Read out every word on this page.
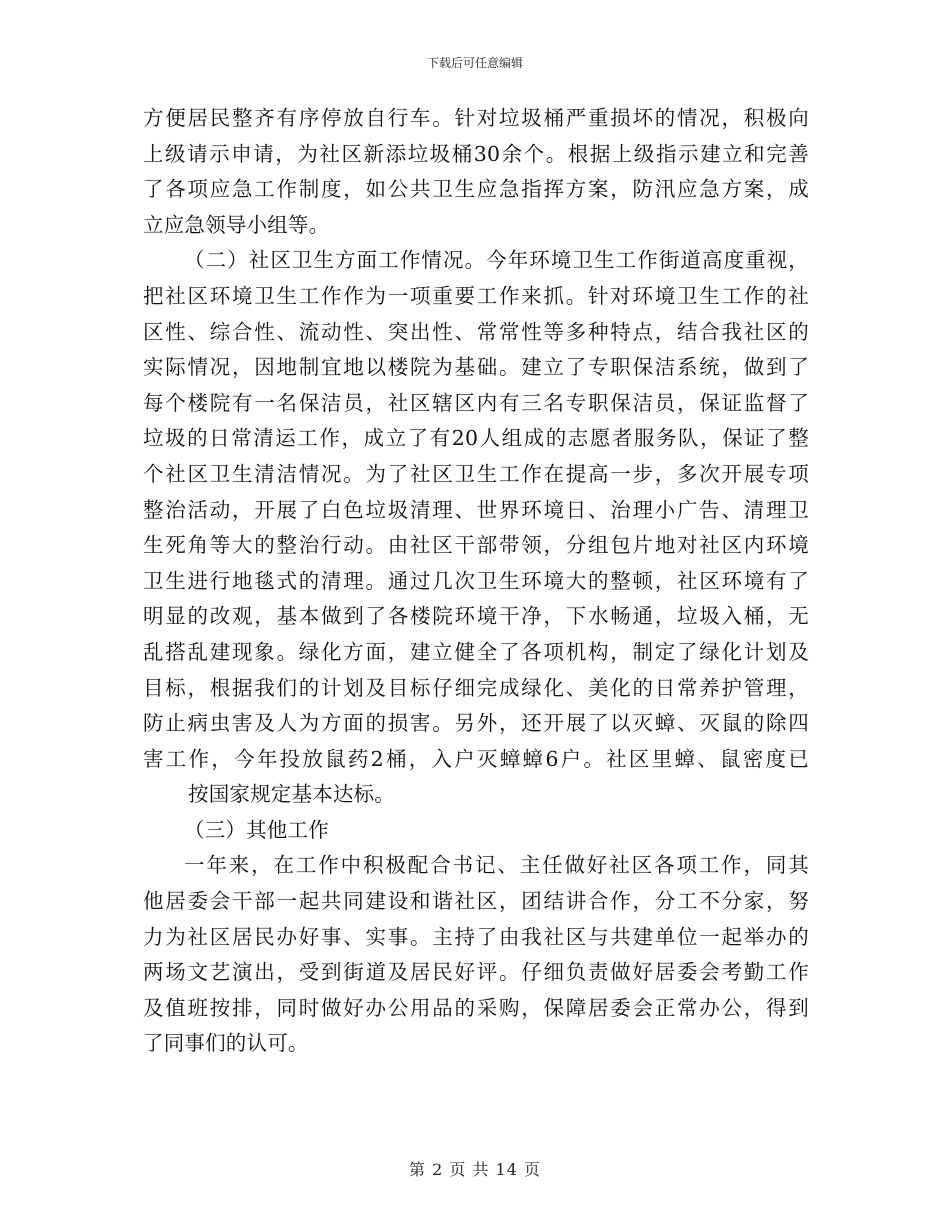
下载后可任意编辑
方便居民整齐有序停放自行车。针对垃圾桶严重损坏的情况，积极向
上级请示申请，为社区新添垃圾桶30余个。根据上级指示建立和完善
了各项应急工作制度，如公共卫生应急指挥方案，防汛应急方案，成
立应急领导小组等。
（二）社区卫生方面工作情况。今年环境卫生工作街道高度重视，
把社区环境卫生工作作为一项重要工作来抓。针对环境卫生工作的社
区性、综合性、流动性、突出性、常常性等多种特点，结合我社区的
实际情况，因地制宜地以楼院为基础。建立了专职保洁系统，做到了
每个楼院有一名保洁员，社区辖区内有三名专职保洁员，保证监督了
垃圾的日常清运工作，成立了有20人组成的志愿者服务队，保证了整
个社区卫生清洁情况。为了社区卫生工作在提高一步，多次开展专项
整治活动，开展了白色垃圾清理、世界环境日、治理小广告、清理卫
生死角等大的整治行动。由社区干部带领，分组包片地对社区内环境
卫生进行地毯式的清理。通过几次卫生环境大的整顿，社区环境有了
明显的改观，基本做到了各楼院环境干净，下水畅通，垃圾入桶，无
乱搭乱建现象。绿化方面，建立健全了各项机构，制定了绿化计划及
目标，根据我们的计划及目标仔细完成绿化、美化的日常养护管理，
防止病虫害及人为方面的损害。另外，还开展了以灭蟑、灭鼠的除四
害工作，今年投放鼠药2桶，入户灭蟑蟑6户。社区里蟑、鼠密度已
按国家规定基本达标。
（三）其他工作
一年来，在工作中积极配合书记、主任做好社区各项工作，同其
他居委会干部一起共同建设和谐社区，团结讲合作，分工不分家，努
力为社区居民办好事、实事。主持了由我社区与共建单位一起举办的
两场文艺演出，受到街道及居民好评。仔细负责做好居委会考勤工作
及值班按排，同时做好办公用品的采购，保障居委会正常办公，得到
了同事们的认可。
第 2 页 共 14 页
